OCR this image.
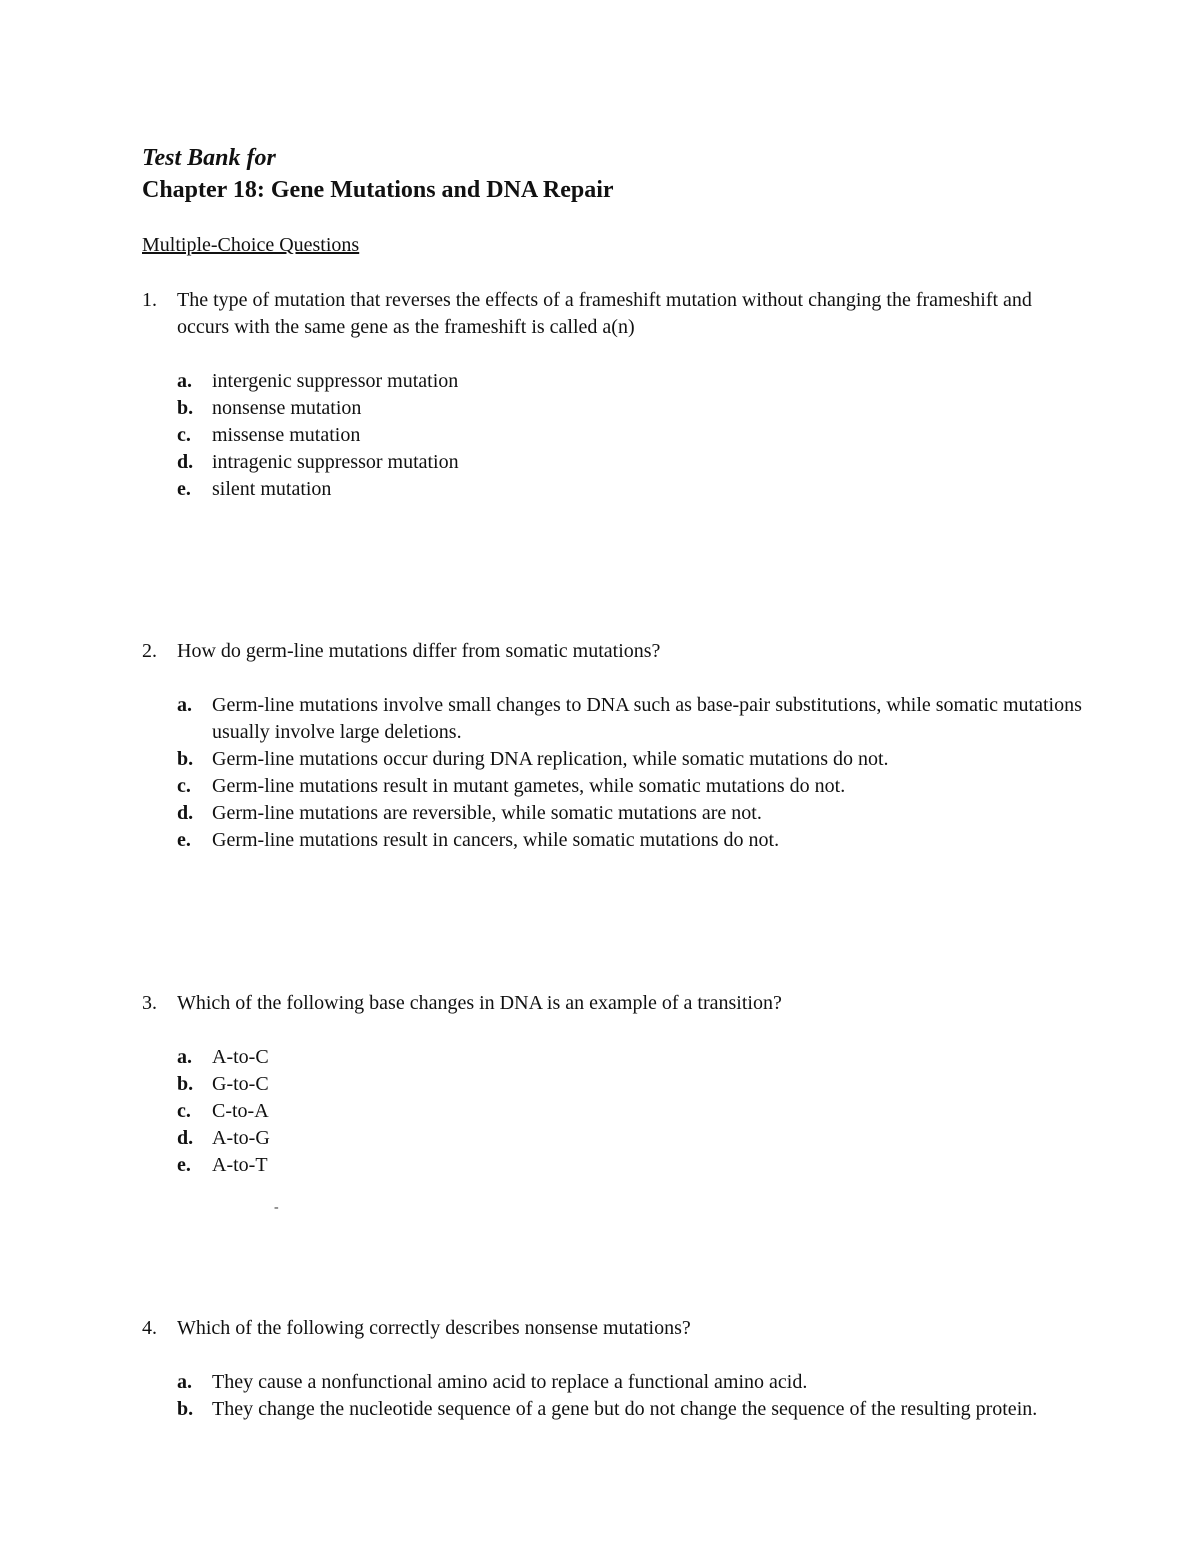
Test Bank for
Chapter 18: Gene Mutations and DNA Repair
Multiple-Choice Questions
1.	The type of mutation that reverses the effects of a frameshift mutation without changing the frameshift and occurs with the same gene as the frameshift is called a(n)
a. intergenic suppressor mutation
b. nonsense mutation
c. missense mutation
d. intragenic suppressor mutation
e. silent mutation
2.	How do germ-line mutations differ from somatic mutations?
a. Germ-line mutations involve small changes to DNA such as base-pair substitutions, while somatic mutations usually involve large deletions.
b. Germ-line mutations occur during DNA replication, while somatic mutations do not.
c. Germ-line mutations result in mutant gametes, while somatic mutations do not.
d. Germ-line mutations are reversible, while somatic mutations are not.
e. Germ-line mutations result in cancers, while somatic mutations do not.
3.	Which of the following base changes in DNA is an example of a transition?
a. A-to-C
b. G-to-C
c. C-to-A
d. A-to-G
e. A-to-T
-
4.	Which of the following correctly describes nonsense mutations?
a. They cause a nonfunctional amino acid to replace a functional amino acid.
b. They change the nucleotide sequence of a gene but do not change the sequence of the resulting protein.
